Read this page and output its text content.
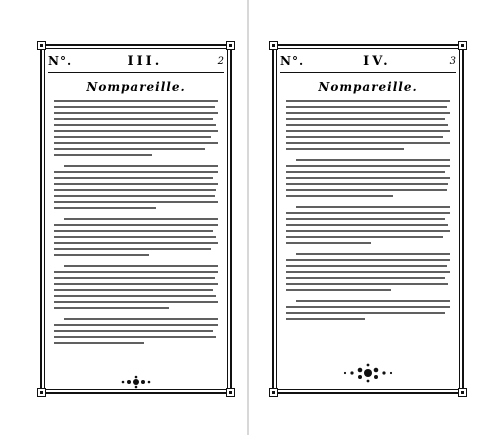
N°.	III.	2
Nompareille.
N°.	IV.	3
Nompareille.
